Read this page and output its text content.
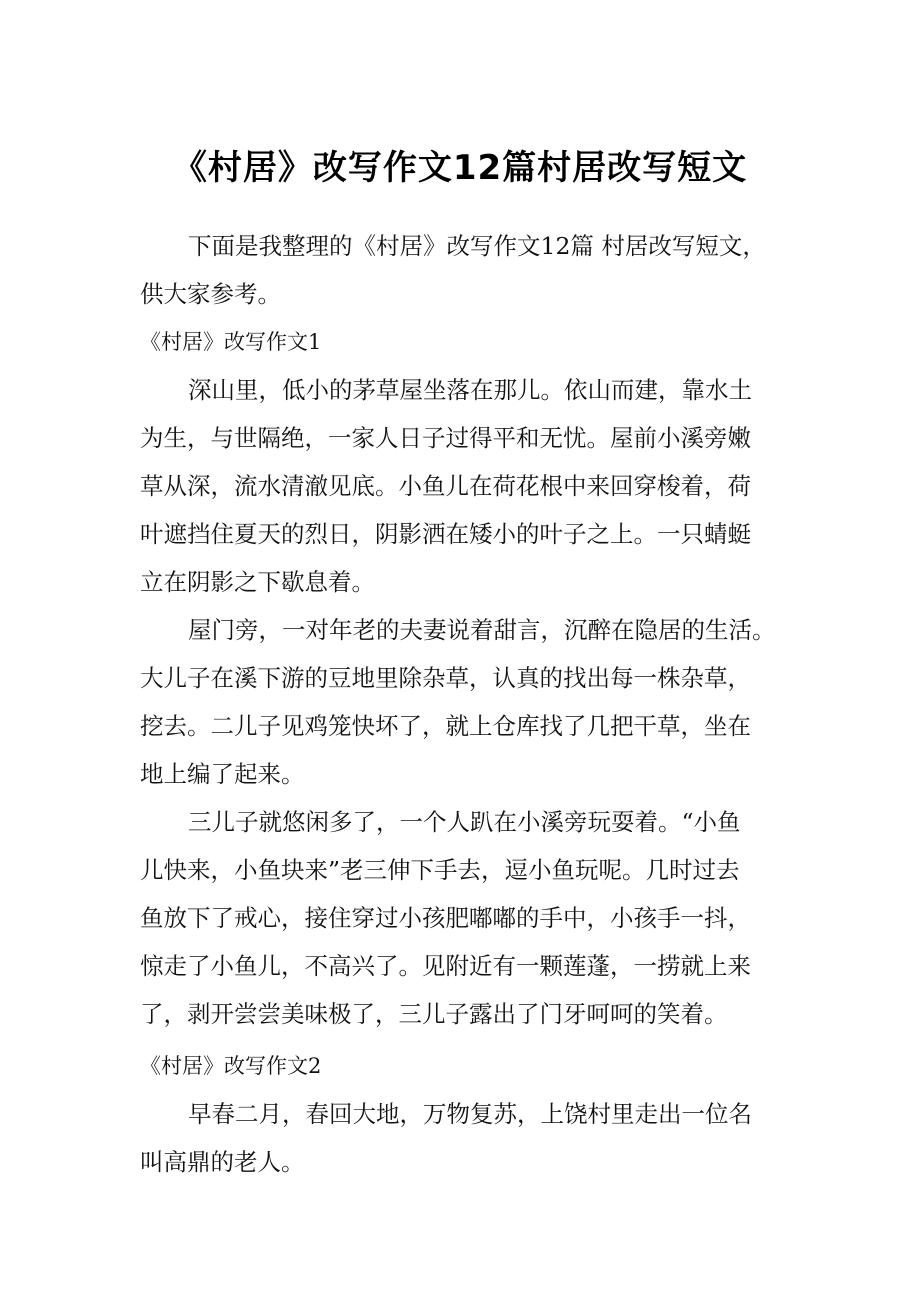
《村居》改写作文12篇村居改写短文
下面是我整理的《村居》改写作文12篇 村居改写短文，
供大家参考。
《村居》改写作文1
深山里，低小的茅草屋坐落在那儿。依山而建，靠水土
为生，与世隔绝，一家人日子过得平和无忧。屋前小溪旁嫩
草从深，流水清澈见底。小鱼儿在荷花根中来回穿梭着，荷
叶遮挡住夏天的烈日，阴影洒在矮小的叶子之上。一只蜻蜓
立在阴影之下歇息着。
屋门旁，一对年老的夫妻说着甜言，沉醉在隐居的生活。
大儿子在溪下游的豆地里除杂草，认真的找出每一株杂草，
挖去。二儿子见鸡笼快坏了，就上仓库找了几把干草，坐在
地上编了起来。
三儿子就悠闲多了，一个人趴在小溪旁玩耍着。“小鱼
儿快来，小鱼块来”老三伸下手去，逗小鱼玩呢。几时过去
鱼放下了戒心，接住穿过小孩肥嘟嘟的手中，小孩手一抖，
惊走了小鱼儿，不高兴了。见附近有一颗莲蓬，一捞就上来
了，剥开尝尝美味极了，三儿子露出了门牙呵呵的笑着。
《村居》改写作文2
早春二月，春回大地，万物复苏，上饶村里走出一位名
叫高鼎的老人。
